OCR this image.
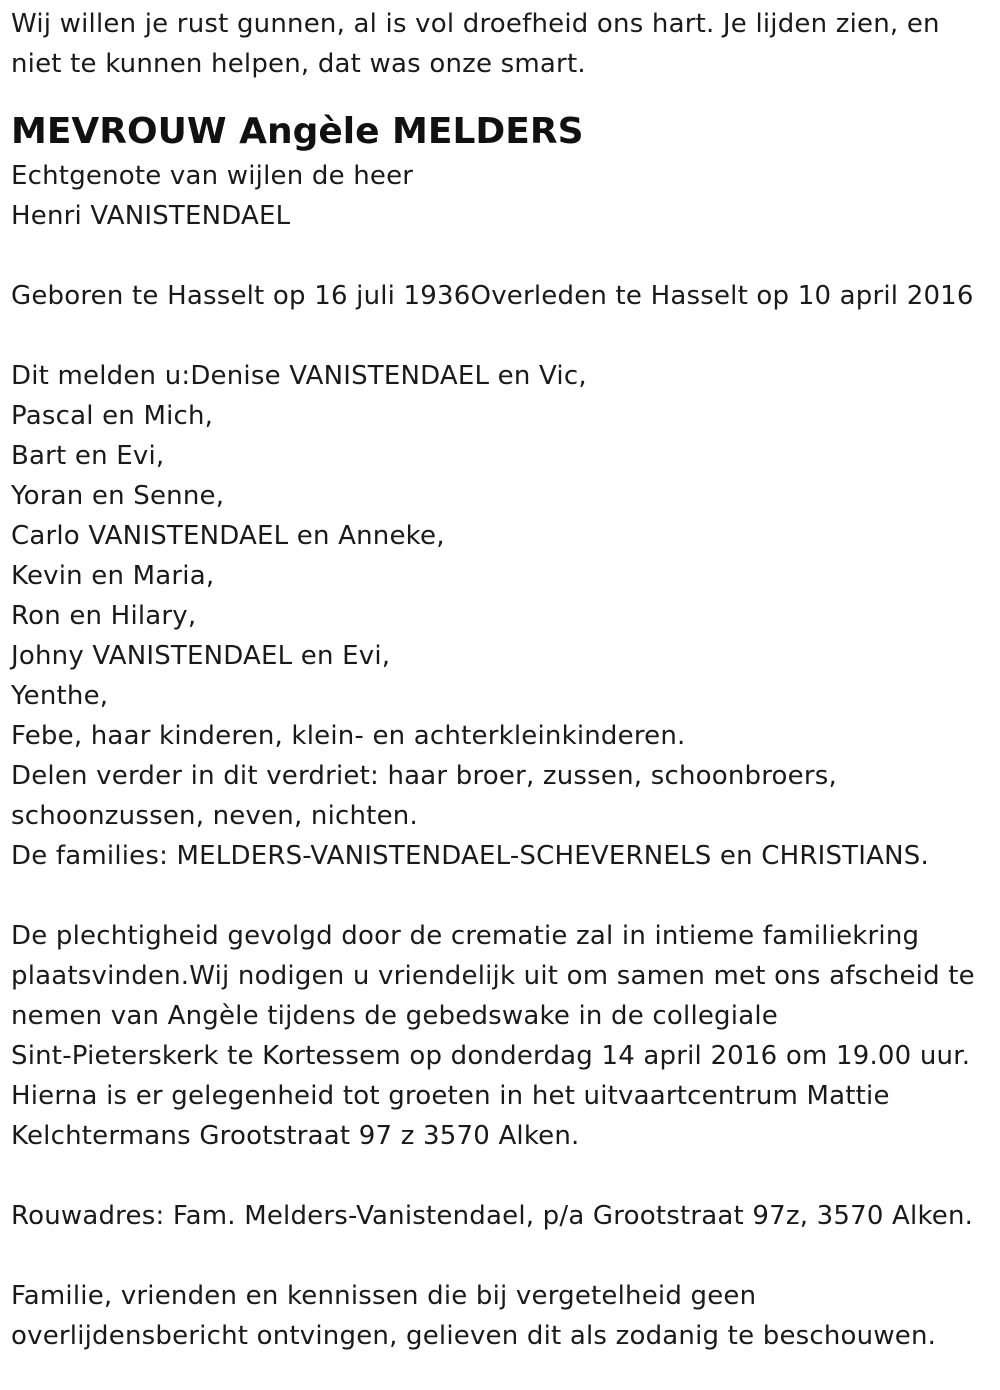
Wij willen je rust gunnen, al is vol droefheid ons hart. Je lijden zien, en
niet te kunnen helpen, dat was onze smart.
MEVROUW Angèle MELDERS
Echtgenote van wijlen de heer
Henri VANISTENDAEL
Geboren te Hasselt op 16 juli 1936Overleden te Hasselt op 10 april 2016
Dit melden u:Denise VANISTENDAEL en Vic,
Pascal en Mich,
Bart en Evi,
Yoran en Senne,
Carlo VANISTENDAEL en Anneke,
Kevin en Maria,
Ron en Hilary,
Johny VANISTENDAEL en Evi,
Yenthe,
Febe, haar kinderen, klein- en achterkleinkinderen.
Delen verder in dit verdriet: haar broer, zussen, schoonbroers,
schoonzussen, neven, nichten.
De families: MELDERS-VANISTENDAEL-SCHEVERNELS en CHRISTIANS.
De plechtigheid gevolgd door de crematie zal in intieme familiekring
plaatsvinden.Wij nodigen u vriendelijk uit om samen met ons afscheid te
nemen van Angèle tijdens de gebedswake in de collegiale
Sint-Pieterskerk te Kortessem op donderdag 14 april 2016 om 19.00 uur.
Hierna is er gelegenheid tot groeten in het uitvaartcentrum Mattie
Kelchtermans Grootstraat 97 z 3570 Alken.
Rouwadres: Fam. Melders-Vanistendael, p/a Grootstraat 97z, 3570 Alken.
Familie, vrienden en kennissen die bij vergetelheid geen
overlijdensbericht ontvingen, gelieven dit als zodanig te beschouwen.
